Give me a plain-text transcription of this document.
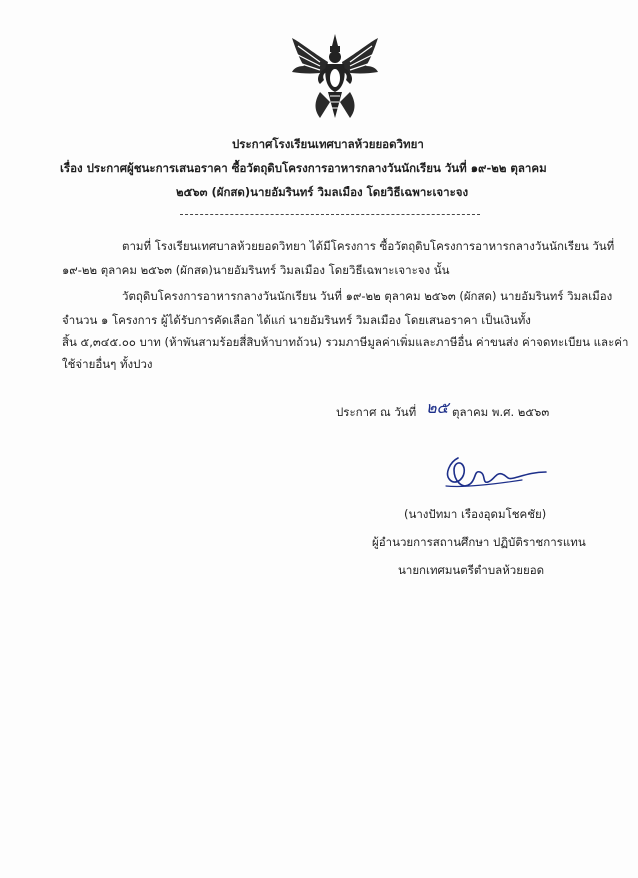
ประกาศโรงเรียนเทศบาลห้วยยอดวิทยา
เรื่อง ประกาศผู้ชนะการเสนอราคา ซื้อวัตถุดิบโครงการอาหารกลางวันนักเรียน วันที่ ๑๙-๒๒ ตุลาคม
๒๕๖๓ (ผักสด)นายอัมรินทร์ วิมลเมือง โดยวิธีเฉพาะเจาะจง
ตามที่ โรงเรียนเทศบาลห้วยยอดวิทยา ได้มีโครงการ ซื้อวัตถุดิบโครงการอาหารกลางวันนักเรียน วันที่
๑๙-๒๒ ตุลาคม ๒๕๖๓ (ผักสด)นายอัมรินทร์ วิมลเมือง โดยวิธีเฉพาะเจาะจง นั้น
วัตถุดิบโครงการอาหารกลางวันนักเรียน วันที่ ๑๙-๒๒ ตุลาคม ๒๕๖๓ (ผักสด) นายอัมรินทร์ วิมลเมือง
จำนวน ๑ โครงการ ผู้ได้รับการคัดเลือก ได้แก่ นายอัมรินทร์ วิมลเมือง โดยเสนอราคา เป็นเงินทั้ง
สิ้น ๕,๓๔๕.๐๐ บาท (ห้าพันสามร้อยสี่สิบห้าบาทถ้วน) รวมภาษีมูลค่าเพิ่มและภาษีอื่น ค่าขนส่ง ค่าจดทะเบียน และค่า
ใช้จ่ายอื่นๆ ทั้งปวง
ประกาศ ณ วันที่ ๒๕ ตุลาคม พ.ศ. ๒๕๖๓
(นางปัทมา เรืองอุดมโชคชัย)
ผู้อำนวยการสถานศึกษา ปฏิบัติราชการแทน
นายกเทศมนตรีตำบลห้วยยอด
